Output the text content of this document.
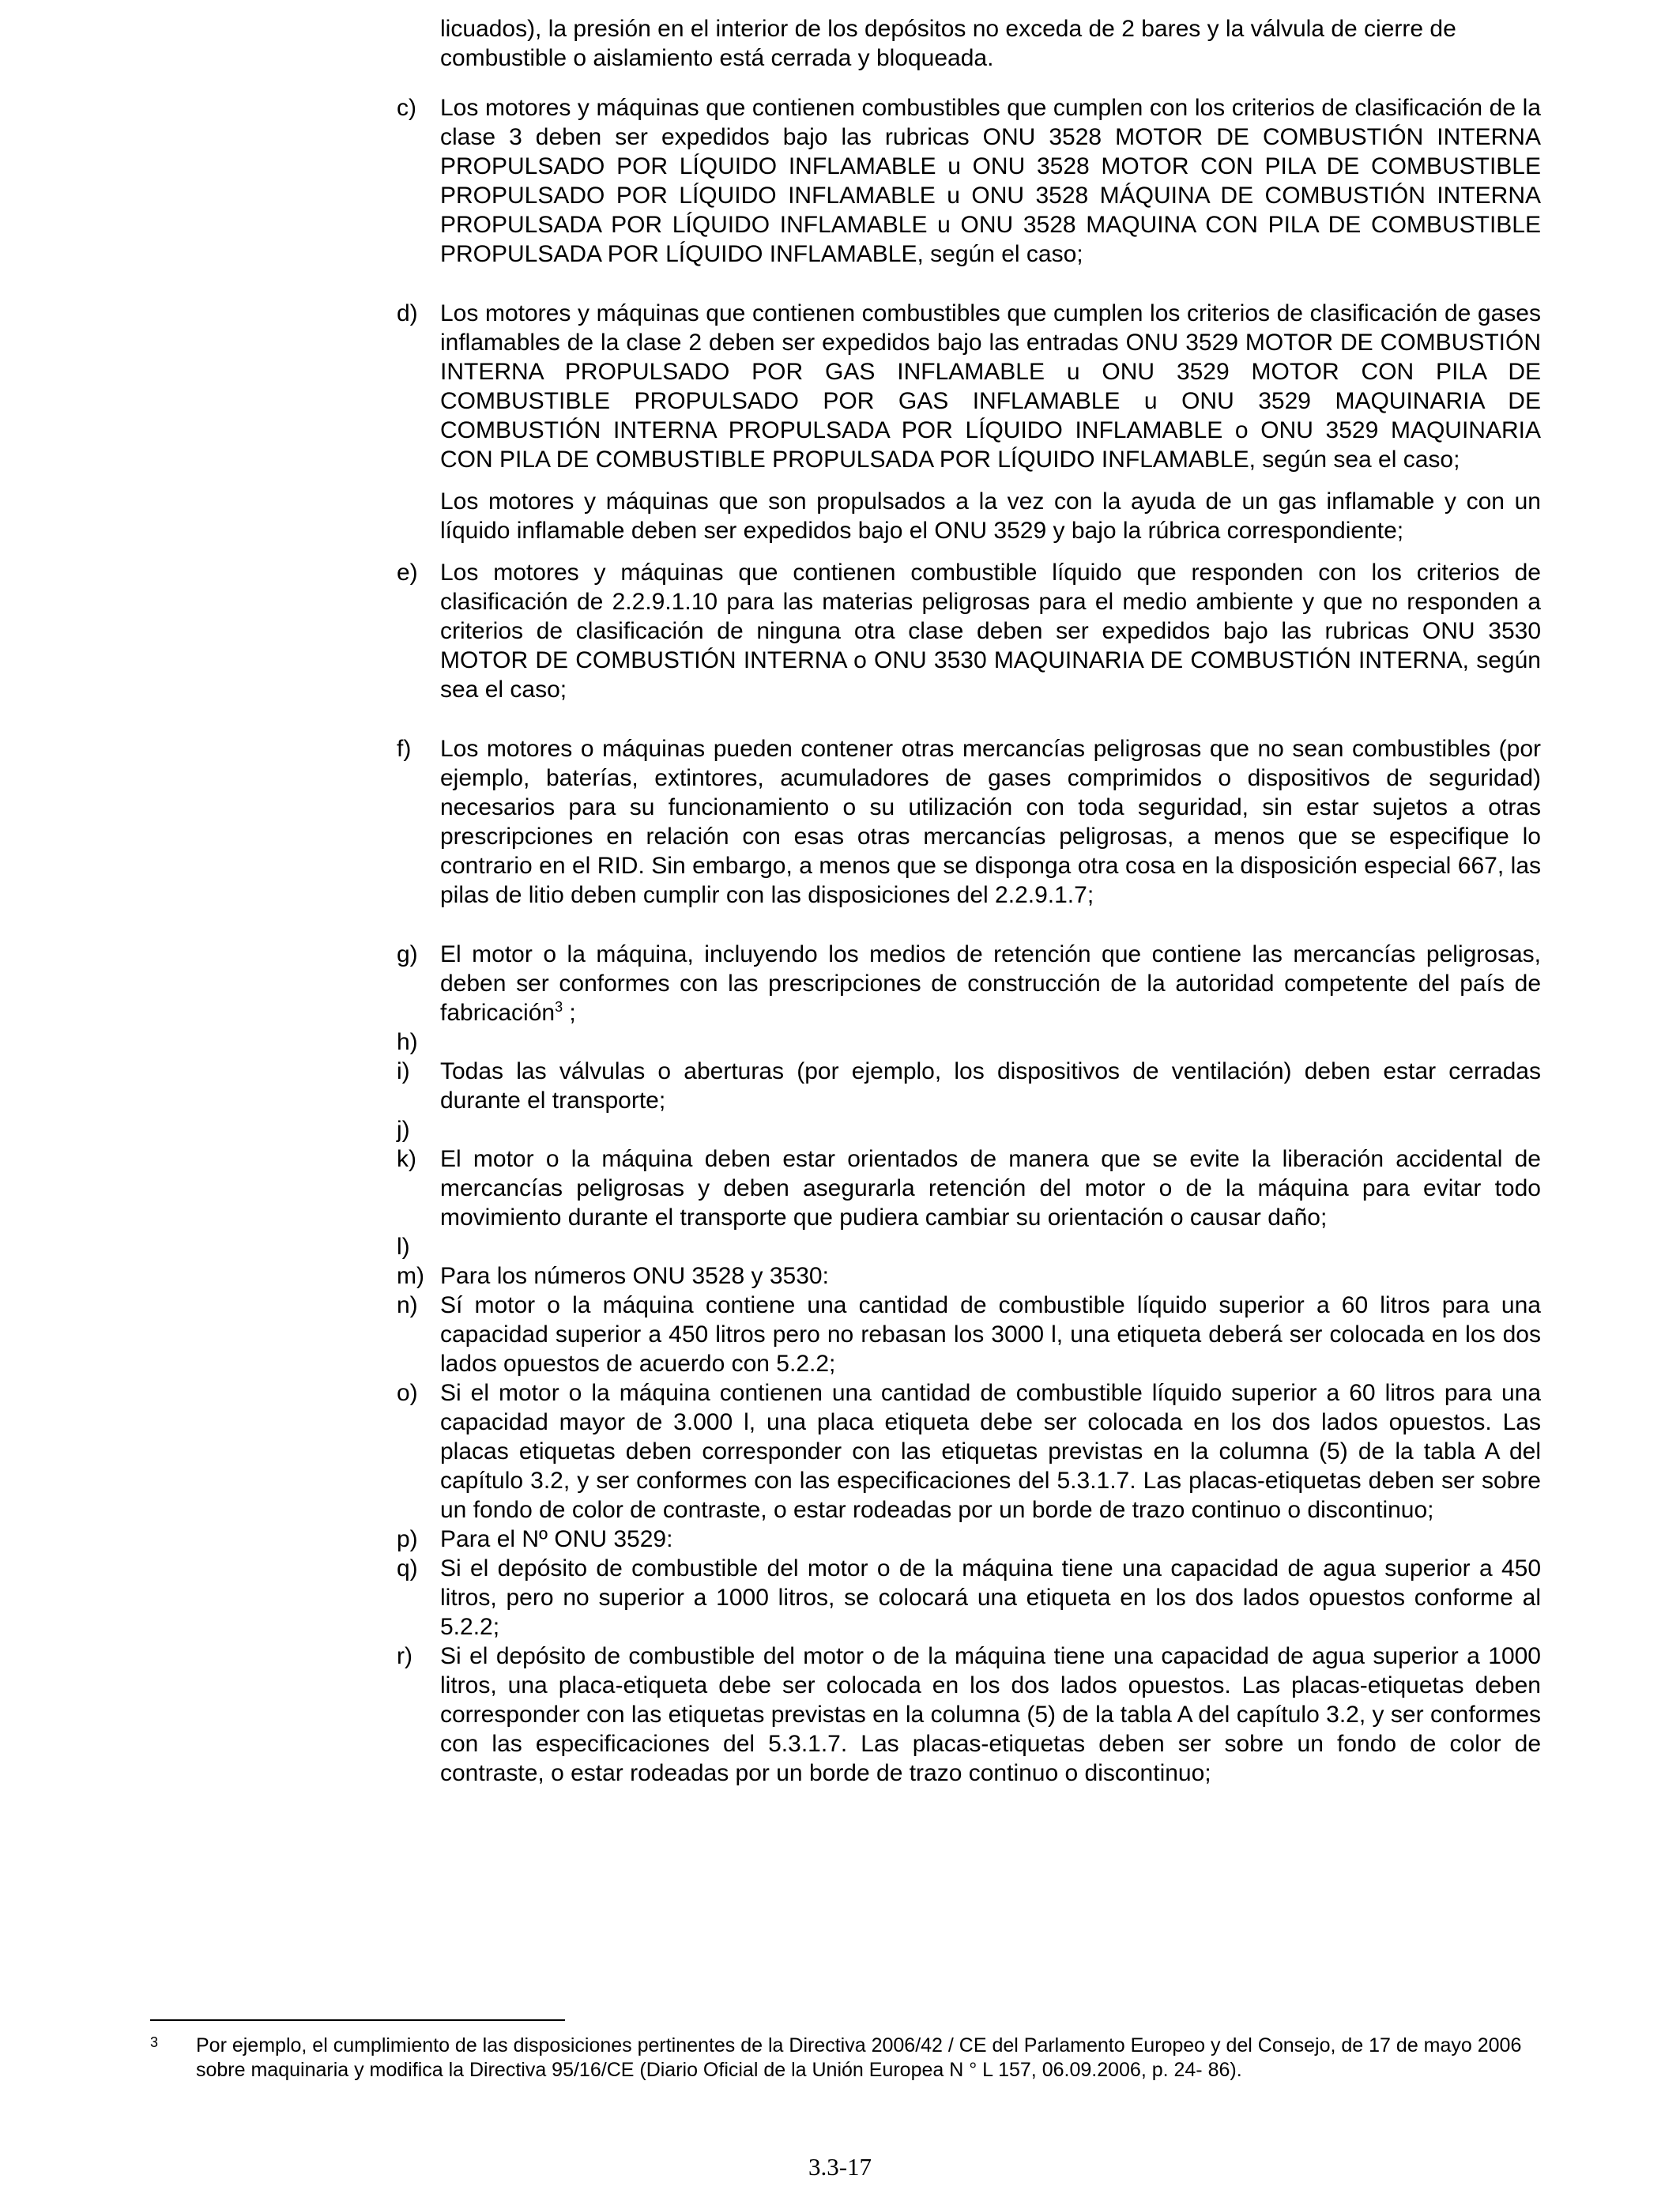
licuados), la presión en el interior de los depósitos no exceda de 2 bares y la válvula de cierre de combustible o aislamiento está cerrada y bloqueada.

c)	Los motores y máquinas que contienen combustibles que cumplen con los criterios de clasificación de la clase 3 deben ser expedidos bajo las rubricas ONU 3528 MOTOR DE COMBUSTIÓN INTERNA PROPULSADO POR LÍQUIDO INFLAMABLE u ONU 3528 MOTOR CON PILA DE COMBUSTIBLE PROPULSADO POR LÍQUIDO INFLAMABLE u ONU 3528 MÁQUINA DE COMBUSTIÓN INTERNA PROPULSADA POR LÍQUIDO INFLAMABLE u ONU 3528 MAQUINA CON PILA DE COMBUSTIBLE PROPULSADA POR LÍQUIDO INFLAMABLE, según el caso;
d) Los motores y máquinas que contienen combustibles que cumplen los criterios de clasificación de gases inflamables de la clase 2 deben ser expedidos bajo las entradas ONU 3529 MOTOR DE COMBUSTIÓN INTERNA PROPULSADO POR GAS INFLAMABLE u ONU 3529 MOTOR CON PILA DE COMBUSTIBLE PROPULSADO POR GAS INFLAMABLE u ONU 3529 MAQUINARIA DE COMBUSTIÓN INTERNA PROPULSADA POR LÍQUIDO INFLAMABLE o ONU 3529 MAQUINARIA CON PILA DE COMBUSTIBLE PROPULSADA POR LÍQUIDO INFLAMABLE, según sea el caso;

Los motores y máquinas que son propulsados a la vez con la ayuda de un gas inflamable y con un líquido inflamable deben ser expedidos bajo el ONU 3529 y bajo la rúbrica correspondiente;

e) Los motores y máquinas que contienen combustible líquido que responden con los criterios de clasificación de 2.2.9.1.10 para las materias peligrosas para el medio ambiente y que no responden a criterios de clasificación de ninguna otra clase deben ser expedidos bajo las rubricas ONU 3530 MOTOR DE COMBUSTIÓN INTERNA o ONU 3530 MAQUINARIA DE COMBUSTIÓN INTERNA, según sea el caso;
f)	Los motores o máquinas pueden contener otras mercancías peligrosas que no sean combustibles (por ejemplo, baterías, extintores, acumuladores de gases comprimidos o dispositivos de seguridad) necesarios para su funcionamiento o su utilización con toda seguridad, sin estar sujetos a otras prescripciones en relación con esas otras mercancías peligrosas, a menos que se especifique lo contrario en el RID. Sin embargo, a menos que se disponga otra cosa en la disposición especial 667, las pilas de litio deben cumplir con las disposiciones del 2.2.9.1.7;
g) El motor o la máquina, incluyendo los medios de retención que contiene las mercancías peligrosas, deben ser conformes con las prescripciones de construcción de la autoridad competente del país de fabricación$^3$ ;
h)
i)	Todas las válvulas o aberturas (por ejemplo, los dispositivos de ventilación) deben estar cerradas durante el transporte;
j)
k)	El motor o la máquina deben estar orientados de manera que se evite la liberación accidental de mercancías peligrosas y deben asegurarla retención del motor o de la máquina para evitar todo movimiento durante el transporte que pudiera cambiar su orientación o causar daño;
l)
m) Para los números ONU 3528 y 3530:
n) Sí motor o la máquina contiene una cantidad de combustible líquido superior a 60 litros para una capacidad superior a 450 litros pero no rebasan los 3000 l, una etiqueta deberá ser colocada en los dos lados opuestos de acuerdo con 5.2.2;
o) Si el motor o la máquina contienen una cantidad de combustible líquido superior a 60 litros para una capacidad mayor de 3.000 l, una placa etiqueta debe ser colocada en los dos lados opuestos. Las placas etiquetas deben corresponder con las etiquetas previstas en la columna (5) de la tabla A del capítulo 3.2, y ser conformes con las especificaciones del 5.3.1.7. Las placas-etiquetas deben ser sobre un fondo de color de contraste, o estar rodeadas por un borde de trazo continuo o discontinuo;
p) Para el Nº ONU 3529:
q) Si el depósito de combustible del motor o de la máquina tiene una capacidad de agua superior a 450 litros, pero no superior a 1000 litros, se colocará una etiqueta en los dos lados opuestos conforme al 5.2.2;
r)	Si el depósito de combustible del motor o de la máquina tiene una capacidad de agua superior a 1000 litros, una placa-etiqueta debe ser colocada en los dos lados opuestos. Las placas-etiquetas deben corresponder con las etiquetas previstas en la columna (5) de la tabla A del capítulo 3.2, y ser conformes con las especificaciones del 5.3.1.7. Las placas-etiquetas deben ser sobre un fondo de color de contraste, o estar rodeadas por un borde de trazo continuo o discontinuo;
3	Por ejemplo, el cumplimiento de las disposiciones pertinentes de la Directiva 2006/42 / CE del Parlamento Europeo y del Consejo, de 17 de mayo 2006 sobre maquinaria y modifica la Directiva 95/16/CE (Diario Oficial de la Unión Europea N ° L 157, 06.09.2006, p. 24- 86).
3.3-17
